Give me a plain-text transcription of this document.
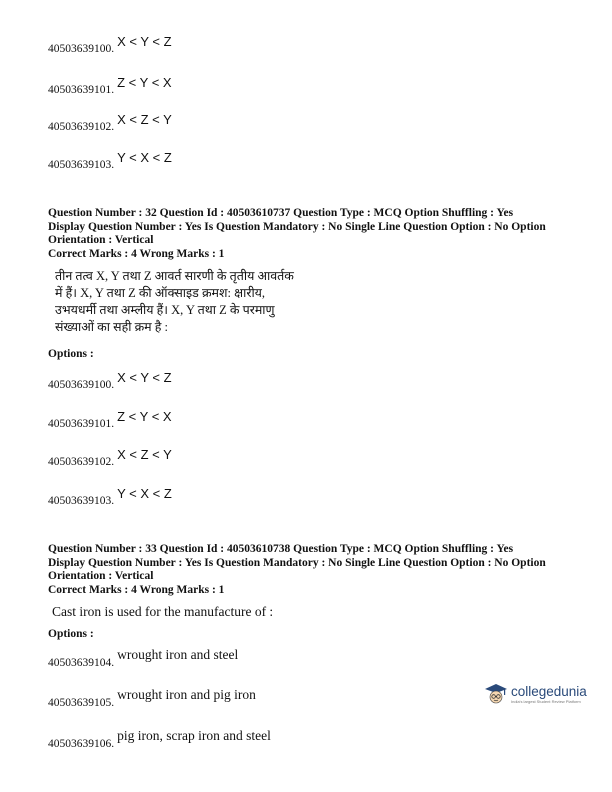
40503639100. X < Y < Z
40503639101. Z < Y < X
40503639102. X < Z < Y
40503639103. Y < X < Z
Question Number : 32 Question Id : 40503610737 Question Type : MCQ Option Shuffling : Yes
Display Question Number : Yes Is Question Mandatory : No Single Line Question Option : No Option
Orientation : Vertical
Correct Marks : 4 Wrong Marks : 1
तीन तत्व X, Y तथा Z आवर्त सारणी के तृतीय आवर्तक
में हैं। X, Y तथा Z की ऑक्साइड क्रमश: क्षारीय,
उभयधर्मी तथा अम्लीय हैं। X, Y तथा Z के परमाणु
संख्याओं का सही क्रम है :
Options :
40503639100. X < Y < Z
40503639101. Z < Y < X
40503639102. X < Z < Y
40503639103. Y < X < Z
Question Number : 33 Question Id : 40503610738 Question Type : MCQ Option Shuffling : Yes
Display Question Number : Yes Is Question Mandatory : No Single Line Question Option : No Option
Orientation : Vertical
Correct Marks : 4 Wrong Marks : 1
Cast iron is used for the manufacture of :
Options :
40503639104.
wrought iron and steel
40503639105.
wrought iron and pig iron
40503639106.
pig iron, scrap iron and steel
collegedunia
India's largest Student Review Platform
